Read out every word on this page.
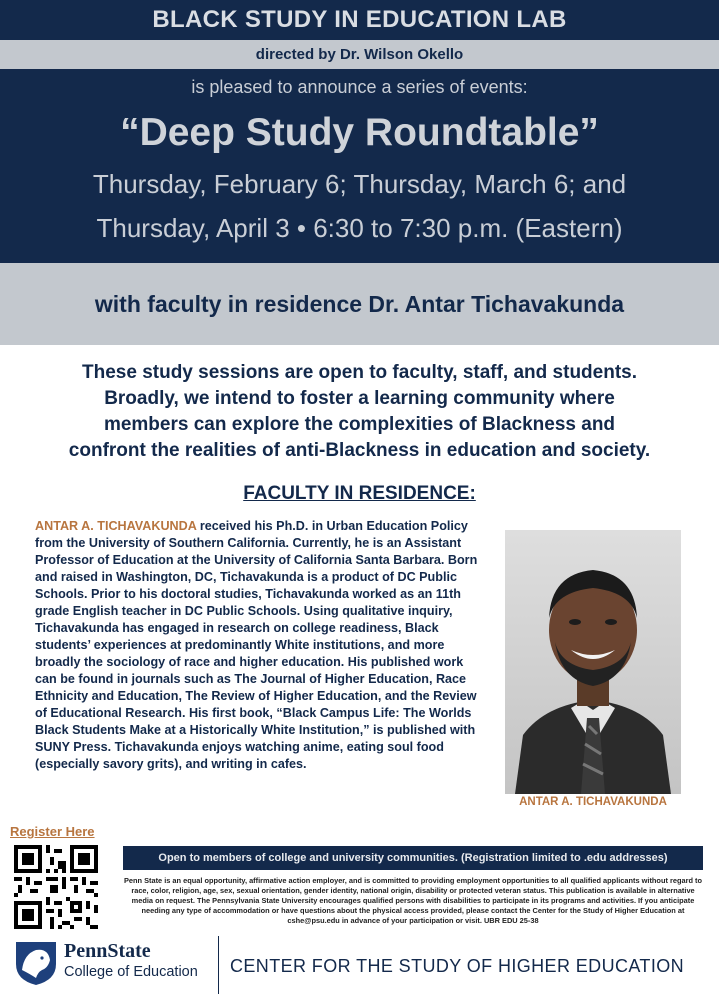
BLACK STUDY IN EDUCATION LAB
directed by Dr. Wilson Okello
is pleased to announce a series of events:
“Deep Study Roundtable”
Thursday, February 6; Thursday, March 6; and
Thursday, April 3 • 6:30 to 7:30 p.m. (Eastern)
with faculty in residence Dr. Antar Tichavakunda
These study sessions are open to faculty, staff, and students.
Broadly, we intend to foster a learning community where
members can explore the complexities of Blackness and
confront the realities of anti-Blackness in education and society.
FACULTY IN RESIDENCE:
ANTAR A. TICHAVAKUNDA received his Ph.D. in Urban Education Policy from the University of Southern California. Currently, he is an Assistant Professor of Education at the University of California Santa Barbara. Born and raised in Washington, DC, Tichavakunda is a product of DC Public Schools. Prior to his doctoral studies, Tichavakunda worked as an 11th grade English teacher in DC Public Schools. Using qualitative inquiry, Tichavakunda has engaged in research on college readiness, Black students’ experiences at predominantly White institutions, and more broadly the sociology of race and higher education. His published work can be found in journals such as The Journal of Higher Education, Race Ethnicity and Education, The Review of Higher Education, and the Review of Educational Research. His first book, “Black Campus Life: The Worlds Black Students Make at a Historically White Institution,” is published with SUNY Press. Tichavakunda enjoys watching anime, eating soul food (especially savory grits), and writing in cafes.
ANTAR A. TICHAVAKUNDA
Register Here
Open to members of college and university communities. (Registration limited to .edu addresses)
Penn State is an equal opportunity, affirmative action employer, and is committed to providing employment opportunities to all qualified applicants without regard to race, color, religion, age, sex, sexual orientation, gender identity, national origin, disability or protected veteran status. This publication is available in alternative media on request. The Pennsylvania State University encourages qualified persons with disabilities to participate in its programs and activities. If you anticipate needing any type of accommodation or have questions about the physical access provided, please contact the Center for the Study of Higher Education at cshe@psu.edu in advance of your participation or visit. UBR EDU 25-38
PennState
College of Education CENTER FOR THE STUDY OF HIGHER EDUCATION
